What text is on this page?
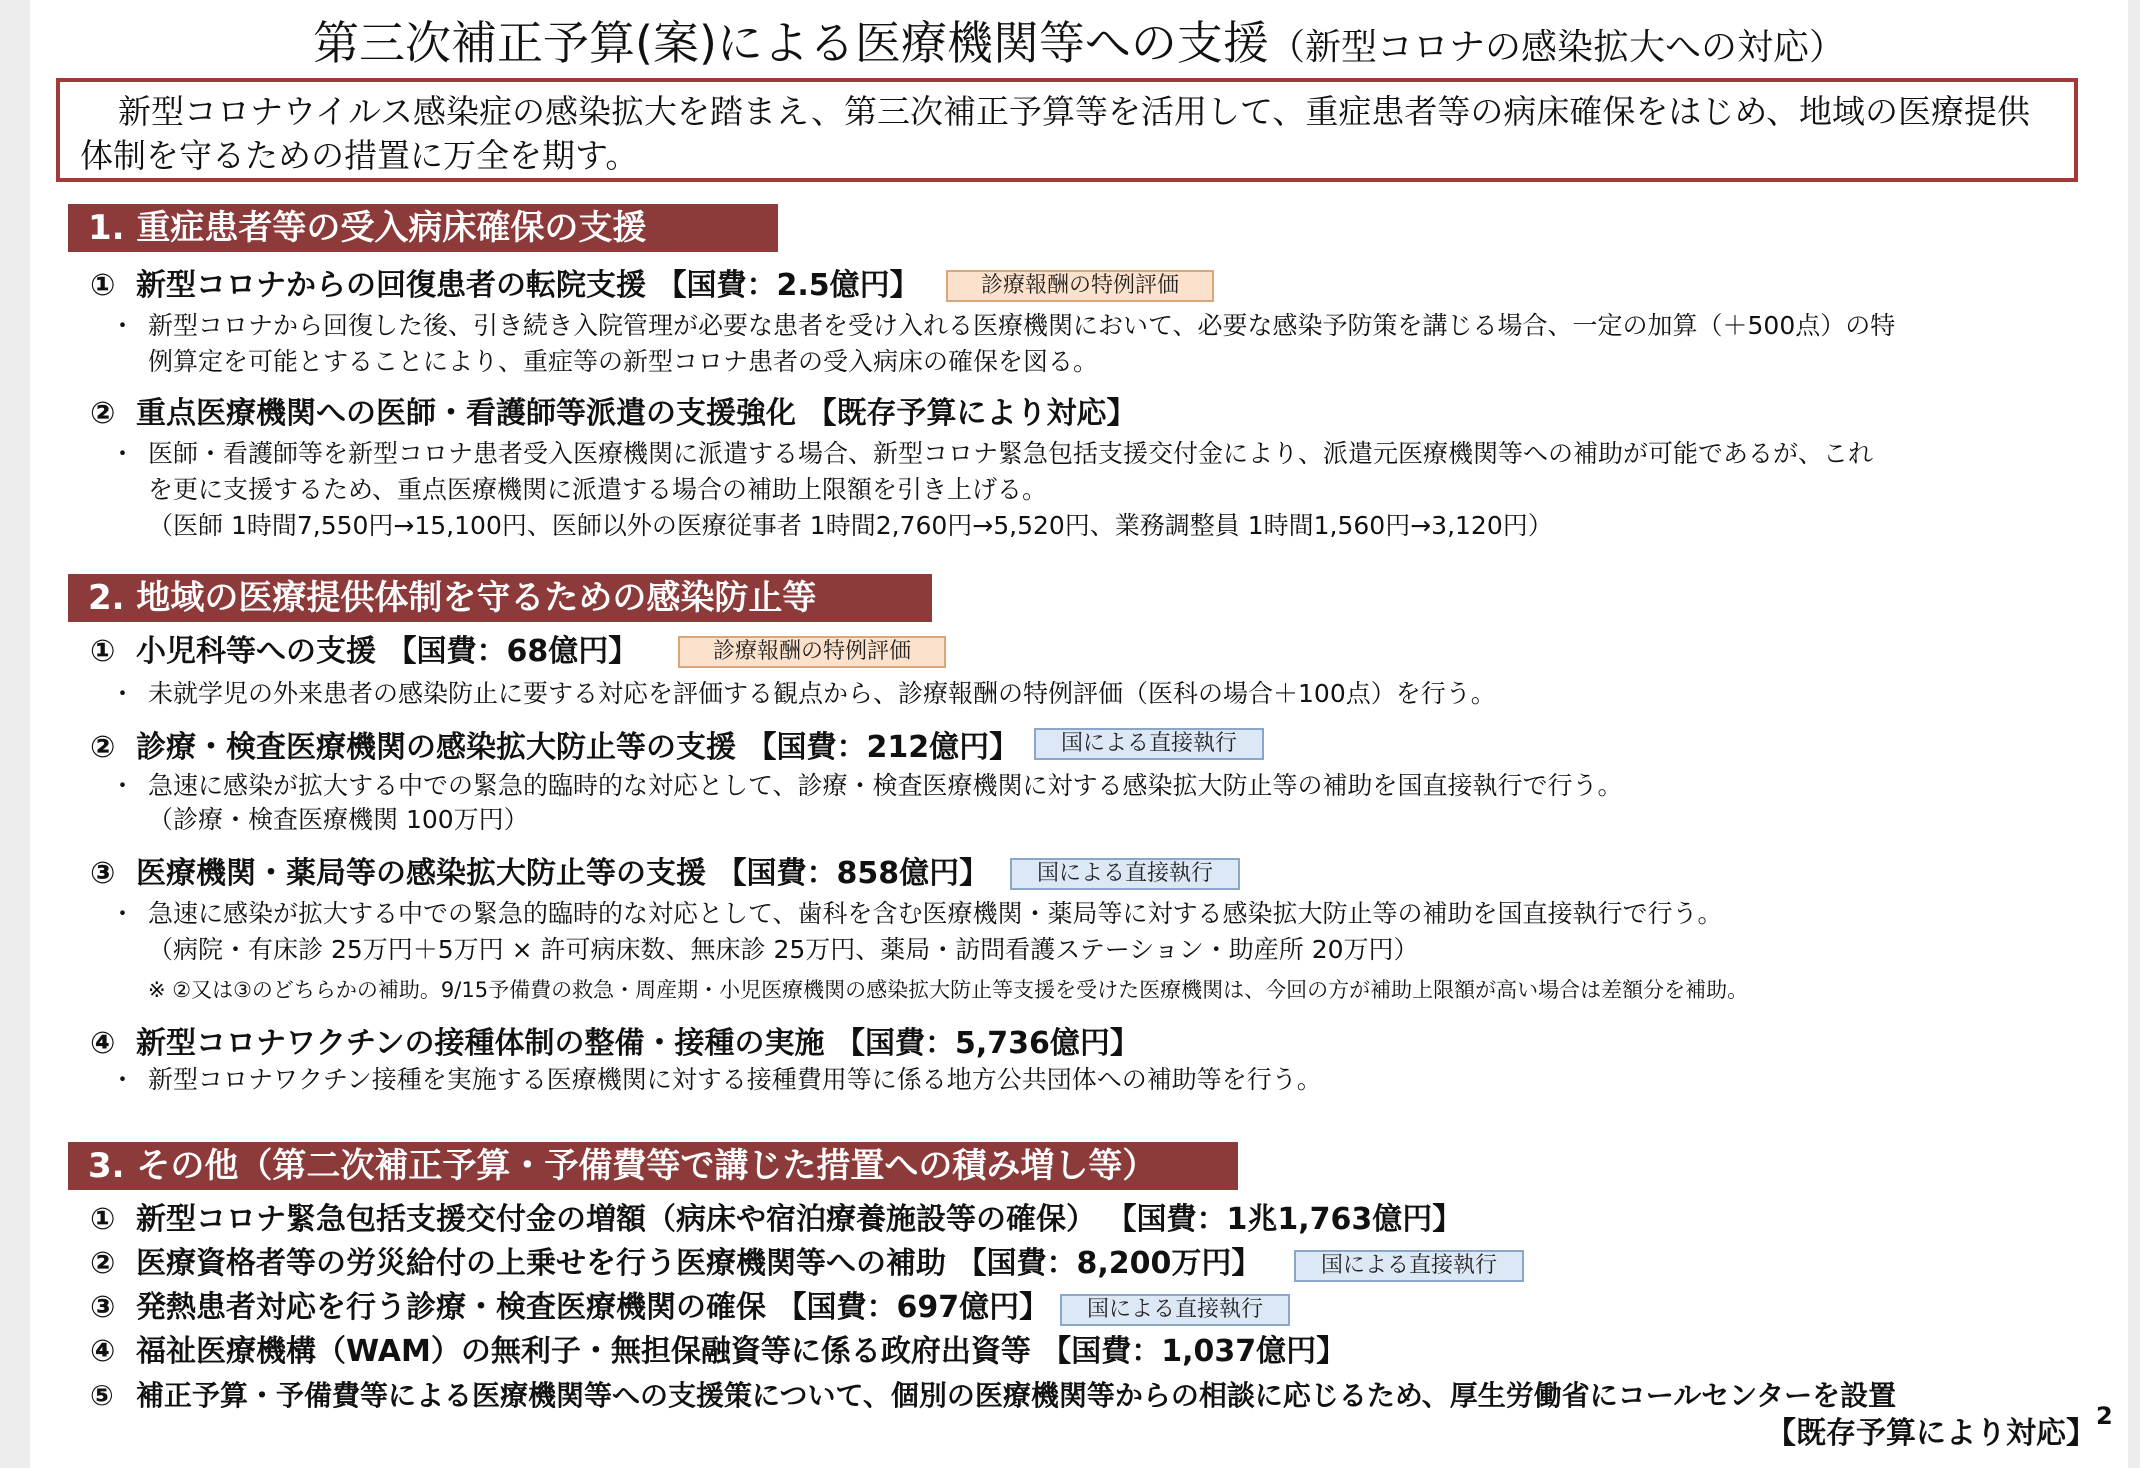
第三次補正予算(案)による医療機関等への支援（新型コロナの感染拡大への対応）
新型コロナウイルス感染症の感染拡大を踏まえ、第三次補正予算等を活用して、重症患者等の病床確保をはじめ、地域の医療提供体制を守るための措置に万全を期す。
1. 重症患者等の受入病床確保の支援
① 新型コロナからの回復患者の転院支援 【国費：2.5億円】	診療報酬の特例評価
・ 新型コロナから回復した後、引き続き入院管理が必要な患者を受け入れる医療機関において、必要な感染予防策を講じる場合、一定の加算（＋500点）の特
例算定を可能とすることにより、重症等の新型コロナ患者の受入病床の確保を図る。
② 重点医療機関への医師・看護師等派遣の支援強化 【既存予算により対応】
・ 医師・看護師等を新型コロナ患者受入医療機関に派遣する場合、新型コロナ緊急包括支援交付金により、派遣元医療機関等への補助が可能であるが、これ
を更に支援するため、重点医療機関に派遣する場合の補助上限額を引き上げる。
（医師 1時間7,550円→15,100円、医師以外の医療従事者 1時間2,760円→5,520円、業務調整員 1時間1,560円→3,120円）
2. 地域の医療提供体制を守るための感染防止等
① 小児科等への支援 【国費：68億円】	診療報酬の特例評価
・ 未就学児の外来患者の感染防止に要する対応を評価する観点から、診療報酬の特例評価（医科の場合＋100点）を行う。
② 診療・検査医療機関の感染拡大防止等の支援 【国費：212億円】	国による直接執行
・ 急速に感染が拡大する中での緊急的臨時的な対応として、診療・検査医療機関に対する感染拡大防止等の補助を国直接執行で行う。
（診療・検査医療機関 100万円）
③ 医療機関・薬局等の感染拡大防止等の支援 【国費：858億円】	国による直接執行
・ 急速に感染が拡大する中での緊急的臨時的な対応として、歯科を含む医療機関・薬局等に対する感染拡大防止等の補助を国直接執行で行う。
（病院・有床診 25万円＋5万円 × 許可病床数、無床診 25万円、薬局・訪問看護ステーション・助産所 20万円）
※ ②又は③のどちらかの補助。9/15予備費の救急・周産期・小児医療機関の感染拡大防止等支援を受けた医療機関は、今回の方が補助上限額が高い場合は差額分を補助。
④ 新型コロナワクチンの接種体制の整備・接種の実施 【国費：5,736億円】
・ 新型コロナワクチン接種を実施する医療機関に対する接種費用等に係る地方公共団体への補助等を行う。
3. その他（第二次補正予算・予備費等で講じた措置への積み増し等）
① 新型コロナ緊急包括支援交付金の増額（病床や宿泊療養施設等の確保） 【国費：1兆1,763億円】
② 医療資格者等の労災給付の上乗せを行う医療機関等への補助 【国費：8,200万円】	国による直接執行
③ 発熱患者対応を行う診療・検査医療機関の確保 【国費：697億円】	国による直接執行
④ 福祉医療機構（WAM）の無利子・無担保融資等に係る政府出資等 【国費：1,037億円】
⑤ 補正予算・予備費等による医療機関等への支援策について、個別の医療機関等からの相談に応じるため、厚生労働省にコールセンターを設置
【既存予算により対応】 2
